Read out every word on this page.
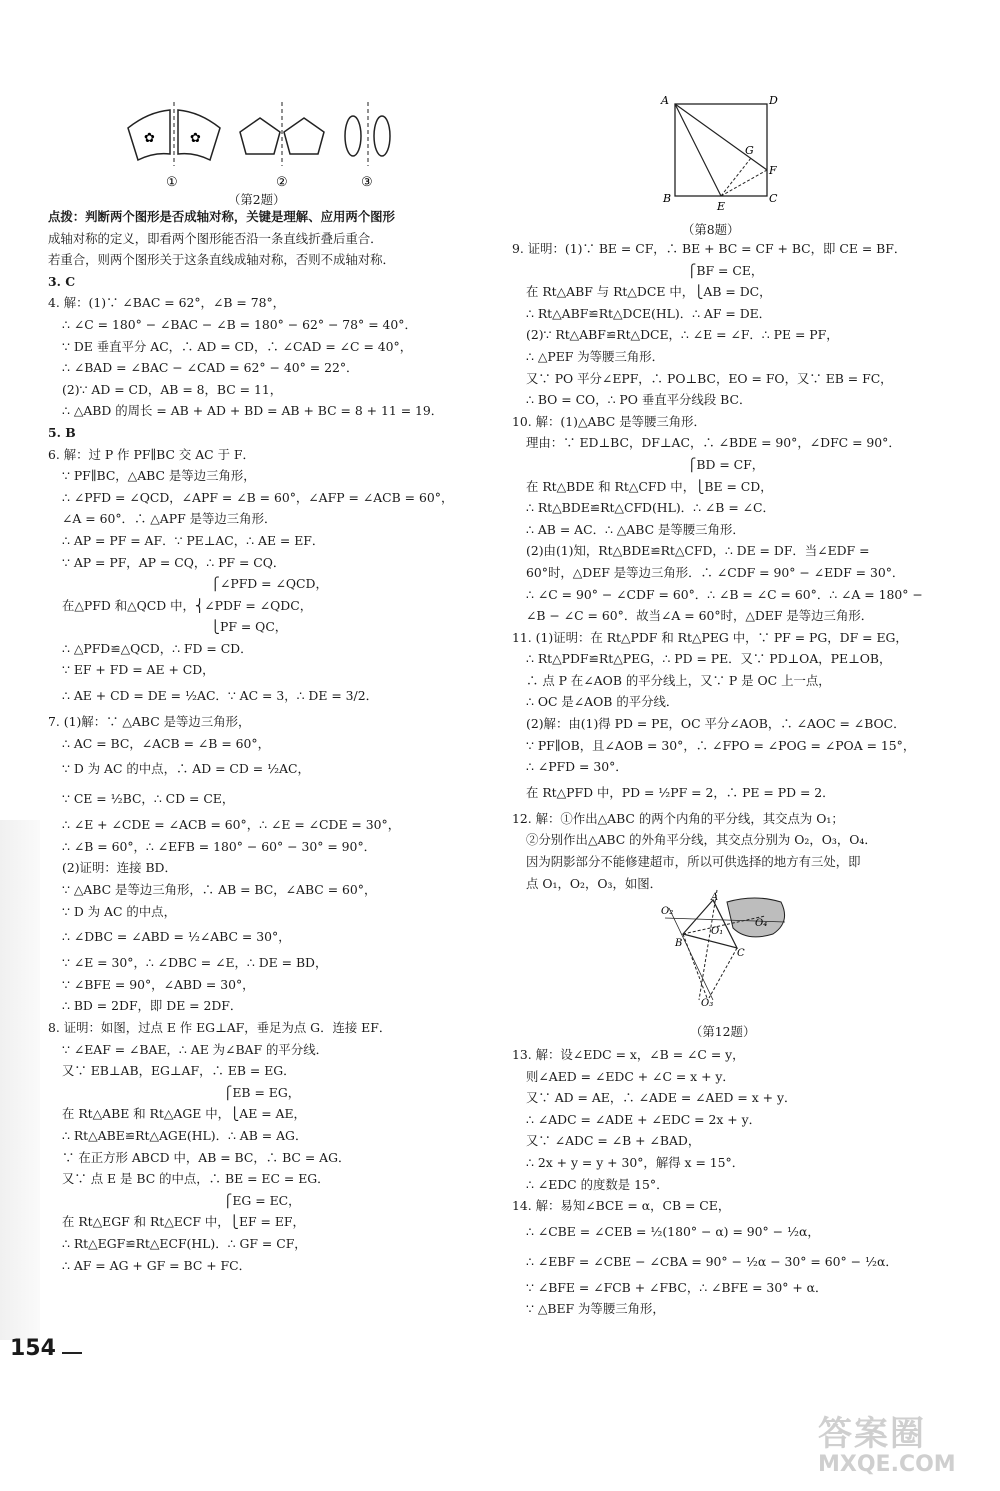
✿	✿
①	②	③
（第2题）
A	D
G
F
B
E
C
（第8题）
点拨：判断两个图形是否成轴对称，关键是理解、应用两个图形
成轴对称的定义，即看两个图形能否沿一条直线折叠后重合．
若重合，则两个图形关于这条直线成轴对称，否则不成轴对称．
3. C
4. 解：(1)∵ ∠BAC = 62°，∠B = 78°，
∴ ∠C = 180° − ∠BAC − ∠B = 180° − 62° − 78° = 40°．
∵ DE 垂直平分 AC，∴ AD = CD，∴ ∠CAD = ∠C = 40°，
∴ ∠BAD = ∠BAC − ∠CAD = 62° − 40° = 22°．
(2)∵ AD = CD，AB = 8，BC = 11，
∴ △ABD 的周长 = AB + AD + BD = AB + BC = 8 + 11 = 19．
5. B
6. 解：过 P 作 PF∥BC 交 AC 于 F．
∵ PF∥BC，△ABC 是等边三角形，
∴ ∠PFD = ∠QCD，∠APF = ∠B = 60°，∠AFP = ∠ACB = 60°，
∠A = 60°．∴ △APF 是等边三角形．
∴ AP = PF = AF．∵ PE⊥AC，∴ AE = EF．
∵ AP = PF，AP = CQ，∴ PF = CQ．
　　　　　　　　　　　　⎧∠PFD = ∠QCD，
在△PFD 和△QCD 中，⎨∠PDF = ∠QDC，
　　　　　　　　　　　　⎩PF = QC，
∴ △PFD≌△QCD，∴ FD = CD．
∵ EF + FD = AE + CD，
∴ AE + CD = DE = ½AC．∵ AC = 3，∴ DE = 3/2．
7. (1)解：∵ △ABC 是等边三角形，
∴ AC = BC，∠ACB = ∠B = 60°，
∵ D 为 AC 的中点，∴ AD = CD = ½AC，
∵ CE = ½BC，∴ CD = CE，
∴ ∠E + ∠CDE = ∠ACB = 60°，∴ ∠E = ∠CDE = 30°，
∴ ∠B = 60°，∴ ∠EFB = 180° − 60° − 30° = 90°．
(2)证明：连接 BD．
∵ △ABC 是等边三角形，∴ AB = BC，∠ABC = 60°，
∵ D 为 AC 的中点，
∴ ∠DBC = ∠ABD = ½∠ABC = 30°，
∵ ∠E = 30°，∴ ∠DBC = ∠E，∴ DE = BD，
∵ ∠BFE = 90°，∠ABD = 30°，
∴ BD = 2DF，即 DE = 2DF．
8. 证明：如图，过点 E 作 EG⊥AF，垂足为点 G．连接 EF．
∵ ∠EAF = ∠BAE，∴ AE 为∠BAF 的平分线．
又∵ EB⊥AB，EG⊥AF，∴ EB = EG．
　　　　　　　　　　　　　⎧EB = EG，
在 Rt△ABE 和 Rt△AGE 中，⎩AE = AE，
∴ Rt△ABE≌Rt△AGE(HL)．∴ AB = AG．
∵ 在正方形 ABCD 中，AB = BC，∴ BC = AG．
又∵ 点 E 是 BC 的中点，∴ BE = EC = EG．
　　　　　　　　　　　　　⎧EG = EC，
在 Rt△EGF 和 Rt△ECF 中，⎩EF = EF，
∴ Rt△EGF≌Rt△ECF(HL)．∴ GF = CF，
∴ AF = AG + GF = BC + FC．
9. 证明：(1)∵ BE = CF，∴ BE + BC = CF + BC，即 CE = BF．
　　　　　　　　　　　　　⎧BF = CE，
在 Rt△ABF 与 Rt△DCE 中，⎩AB = DC，
∴ Rt△ABF≌Rt△DCE(HL)．∴ AF = DE．
(2)∵ Rt△ABF≌Rt△DCE，∴ ∠E = ∠F．∴ PE = PF，
∴ △PEF 为等腰三角形．
又∵ PO 平分∠EPF，∴ PO⊥BC，EO = FO，又∵ EB = FC，
∴ BO = CO，∴ PO 垂直平分线段 BC．
10. 解：(1)△ABC 是等腰三角形．
理由：∵ ED⊥BC，DF⊥AC，∴ ∠BDE = 90°，∠DFC = 90°．
　　　　　　　　　　　　　⎧BD = CF，
在 Rt△BDE 和 Rt△CFD 中，⎩BE = CD，
∴ Rt△BDE≌Rt△CFD(HL)．∴ ∠B = ∠C．
∴ AB = AC．∴ △ABC 是等腰三角形．
(2)由(1)知，Rt△BDE≌Rt△CFD，∴ DE = DF．当∠EDF =
60°时，△DEF 是等边三角形．∴ ∠CDF = 90° − ∠EDF = 30°．
∴ ∠C = 90° − ∠CDF = 60°．∴ ∠B = ∠C = 60°．∴ ∠A = 180° −
∠B − ∠C = 60°．故当∠A = 60°时，△DEF 是等边三角形．
11. (1)证明：在 Rt△PDF 和 Rt△PEG 中，∵ PF = PG，DF = EG，
∴ Rt△PDF≌Rt△PEG，∴ PD = PE．又∵ PD⊥OA，PE⊥OB，
∴ 点 P 在∠AOB 的平分线上，又∵ P 是 OC 上一点，
∴ OC 是∠AOB 的平分线．
(2)解：由(1)得 PD = PE，OC 平分∠AOB，∴ ∠AOC = ∠BOC．
∵ PF∥OB，且∠AOB = 30°，∴ ∠FPO = ∠POG = ∠POA = 15°，
∴ ∠PFD = 30°．
在 Rt△PFD 中，PD = ½PF = 2，∴ PE = PD = 2．
12. 解：①作出△ABC 的两个内角的平分线，其交点为 O₁；
②分别作出△ABC 的外角平分线，其交点分别为 O₂，O₃，O₄．
因为阴影部分不能修建超市，所以可供选择的地方有三处，即
点 O₁，O₂，O₃，如图．
O₂
A
O₄
B
O₁
C
O₃
（第12题）
13. 解：设∠EDC = x，∠B = ∠C = y，
则∠AED = ∠EDC + ∠C = x + y．
又∵ AD = AE，∴ ∠ADE = ∠AED = x + y．
∴ ∠ADC = ∠ADE + ∠EDC = 2x + y．
又∵ ∠ADC = ∠B + ∠BAD，
∴ 2x + y = y + 30°，解得 x = 15°．
∴ ∠EDC 的度数是 15°．
14. 解：易知∠BCE = α，CB = CE，
∴ ∠CBE = ∠CEB = ½(180° − α) = 90° − ½α，
∴ ∠EBF = ∠CBE − ∠CBA = 90° − ½α − 30° = 60° − ½α．
∵ ∠BFE = ∠FCB + ∠FBC，∴ ∠BFE = 30° + α．
∵ △BEF 为等腰三角形，
154
答案圈
MXQE.COM
